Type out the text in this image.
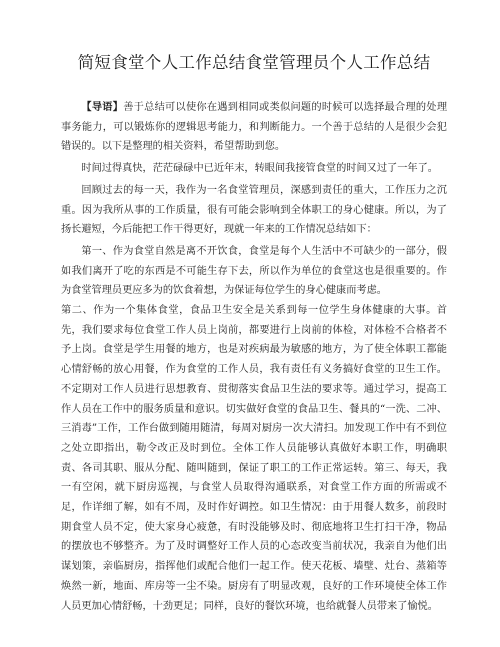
简短食堂个人工作总结食堂管理员个人工作总结

【导语】善于总结可以使你在遇到相同或类似问题的时候可以选择最合理的处理事务能力，可以锻炼你的逻辑思考能力，和判断能力。一个善于总结的人是很少会犯错误的。以下是整理的相关资料，希望帮助到您。

时间过得真快，茫茫碌碌中已近年末，转眼间我接管食堂的时间又过了一年了。

回顾过去的每一天，我作为一名食堂管理员，深感到责任的重大，工作压力之沉重。因为我所从事的工作质量，很有可能会影响到全体职工的身心健康。所以，为了扬长避短，今后能把工作干得更好，现就一年来的工作情况总结如下：

第一、作为食堂自然是离不开饮食，食堂是每个人生活中不可缺少的一部分，假如我们离开了吃的东西是不可能生存下去，所以作为单位的食堂这也是很重要的。作为食堂管理员更应多为的饮食着想，为保证每位学生的身心健康而考虑。

第二、作为一个集体食堂，食品卫生安全是关系到每一位学生身体健康的大事。首先，我们要求每位食堂工作人员上岗前，都要进行上岗前的体检，对体检不合格者不予上岗。食堂是学生用餐的地方，也是对疾病最为敏感的地方，为了使全体职工都能心情舒畅的放心用餐，作为食堂的工作人员，我有责任有义务搞好食堂的卫生工作。不定期对工作人员进行思想教育、贯彻落实食品卫生法的要求等。通过学习，提高工作人员在工作中的服务质量和意识。切实做好食堂的食品卫生、餐具的“一洗、二冲、三消毒”工作，工作台做到随用随清，每周对厨房一次大清扫。加发现工作中有不到位之处立即指出，勒令改正及时到位。全体工作人员能够认真做好本职工作，明确职责、各司其职、服从分配、随叫随到，保证了职工的工作正常运转。第三、每天，我一有空闲，就下厨房巡视，与食堂人员取得沟通联系，对食堂工作方面的所需或不足，作详细了解，如有不周，及时作好调控。如卫生情况：由于用餐人数多，前段时期食堂人员不定，使大家身心疲惫，有时没能够及时、彻底地将卫生打扫干净，物品的摆放也不够整齐。为了及时调整好工作人员的心态改变当前状况，我亲自为他们出谋划策，亲临厨房，指挥他们或配合他们一起工作。使天花板、墙壁、灶台、蒸箱等焕然一新，地面、库房等一尘不染。厨房有了明显改观，良好的工作环境使全体工作人员更加心情舒畅，十劲更足；同样，良好的餐饮环境，也给就餐人员带来了愉悦。
